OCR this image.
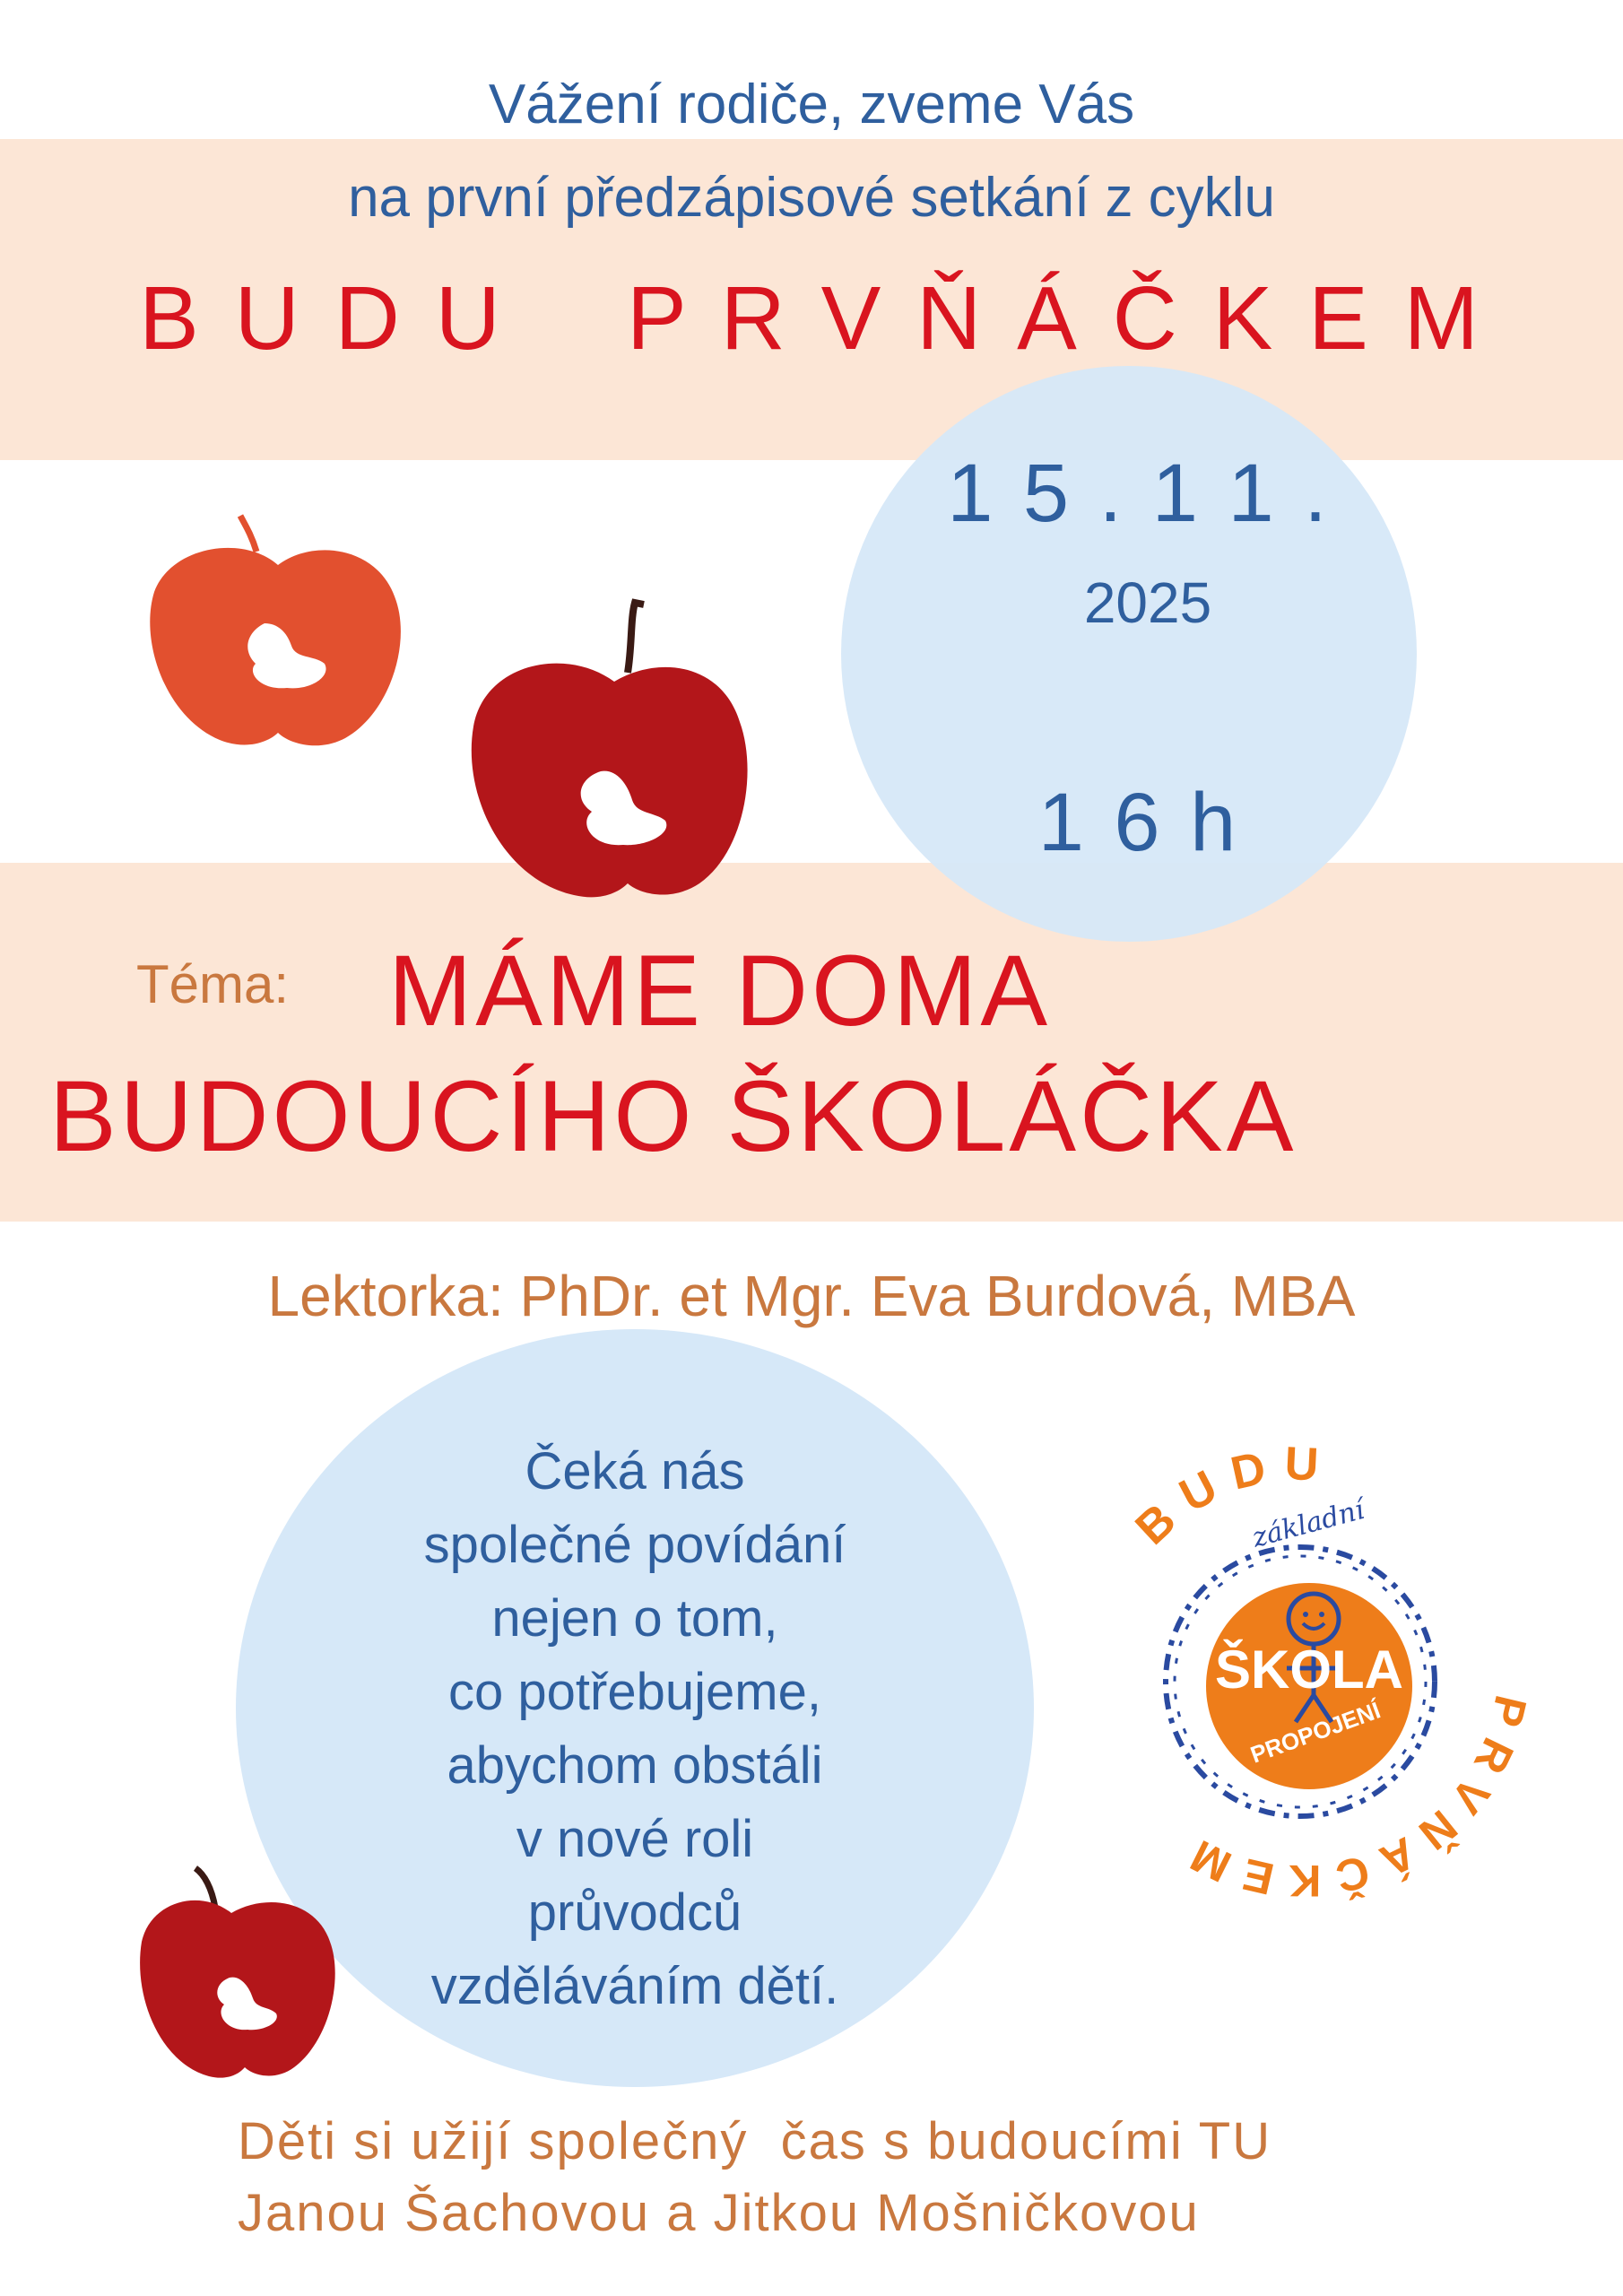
Vážení rodiče, zveme Vás
na první předzápisové setkání z cyklu
B U D U    P R V Ň Á Č K E M
1 5 . 1 1 .
2025
1 6 h
Téma: MÁME DOMA
BUDOUCÍHO ŠKOLÁČKA
Lektorka: PhDr. et Mgr. Eva Burdová, MBA
Čeká nás
společné povídání
nejen o tom,
co potřebujeme,
abychom obstáli
v nové roli
průvodců
vzděláváním dětí.
ŠKOLA
PROPOJENÍ
základní
BUDU
PRVŇÁČKEM
Děti si užijí společný  čas s budoucími TU
Janou Šachovou a Jitkou Mošničkovou
